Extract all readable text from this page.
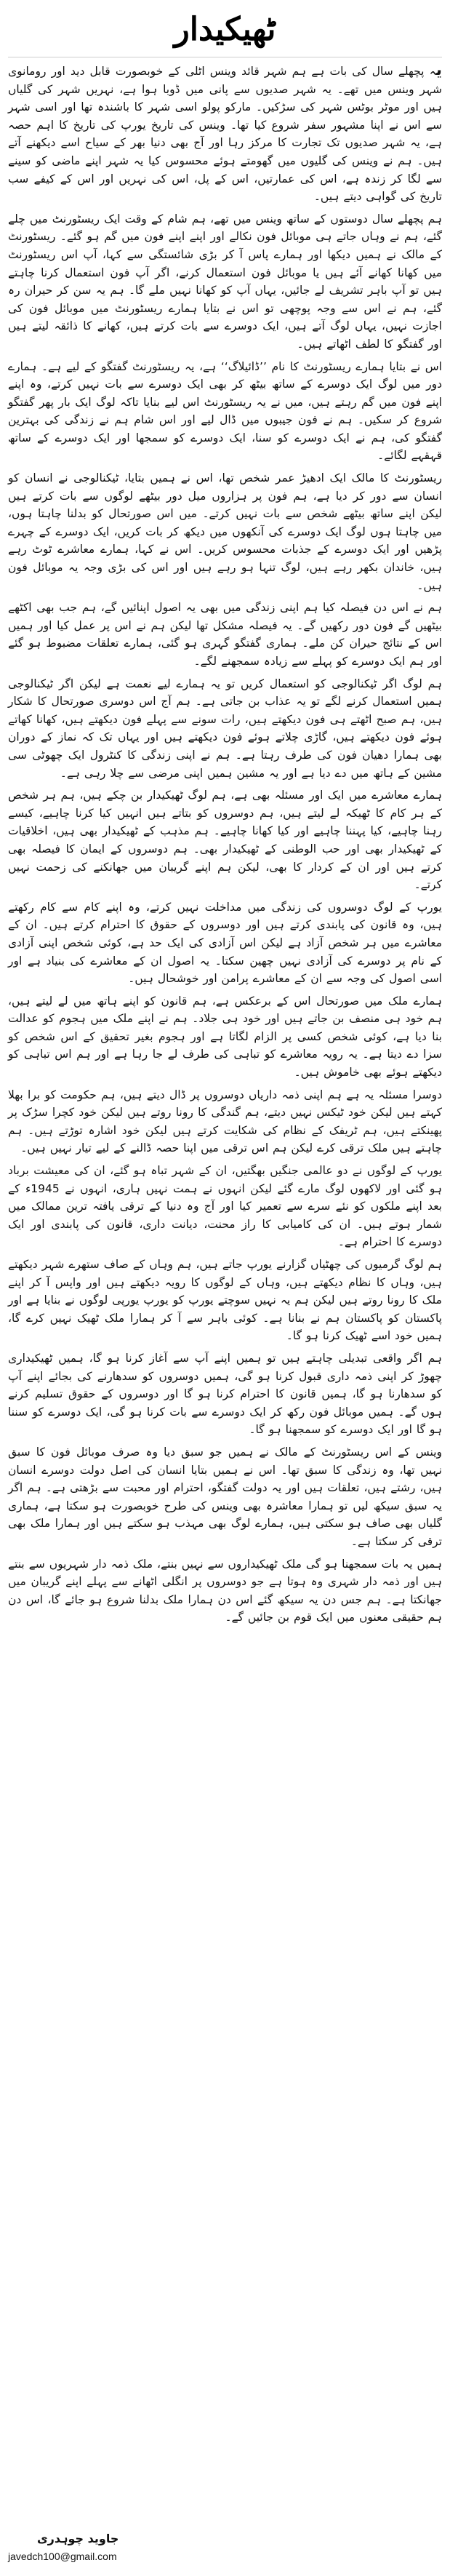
ٹھیکیدار

یہ پچھلے سال کی بات ہے ہم شہر قائد وینس اٹلی کے خوبصورت قابل دید اور رومانوی شہر وینس میں تھے۔ یہ شہر صدیوں سے پانی میں ڈوبا ہوا ہے، نہریں شہر کی گلیاں ہیں اور موٹر بوٹس شہر کی سڑکیں۔ مارکو پولو اسی شہر کا باشندہ تھا اور اسی شہر سے اس نے اپنا مشہور سفر شروع کیا تھا۔ وینس کی تاریخ یورپ کی تاریخ کا اہم حصہ ہے، یہ شہر صدیوں تک تجارت کا مرکز رہا اور آج بھی دنیا بھر کے سیاح اسے دیکھنے آتے ہیں۔ ہم نے وینس کی گلیوں میں گھومتے ہوئے محسوس کیا یہ شہر اپنے ماضی کو سینے سے لگا کر زندہ ہے، اس کی عمارتیں، اس کے پل، اس کی نہریں اور اس کے کیفے سب تاریخ کی گواہی دیتے ہیں۔

ہم پچھلے سال دوستوں کے ساتھ وینس میں تھے، ہم شام کے وقت ایک ریسٹورنٹ میں چلے گئے، ہم نے وہاں جاتے ہی موبائل فون نکالے اور اپنے اپنے فون میں گم ہو گئے۔ ریسٹورنٹ کے مالک نے ہمیں دیکھا اور ہمارے پاس آ کر بڑی شائستگی سے کہا، آپ اس ریسٹورنٹ میں کھانا کھانے آئے ہیں یا موبائل فون استعمال کرنے، اگر آپ فون استعمال کرنا چاہتے ہیں تو آپ باہر تشریف لے جائیں، یہاں آپ کو کھانا نہیں ملے گا۔ ہم یہ سن کر حیران رہ گئے، ہم نے اس سے وجہ پوچھی تو اس نے بتایا ہمارے ریسٹورنٹ میں موبائل فون کی اجازت نہیں، یہاں لوگ آتے ہیں، ایک دوسرے سے بات کرتے ہیں، کھانے کا ذائقہ لیتے ہیں اور گفتگو کا لطف اٹھاتے ہیں۔

اس نے بتایا ہمارے ریسٹورنٹ کا نام ’’ڈائیلاگ‘‘ ہے، یہ ریسٹورنٹ گفتگو کے لیے ہے۔ ہمارے دور میں لوگ ایک دوسرے کے ساتھ بیٹھ کر بھی ایک دوسرے سے بات نہیں کرتے، وہ اپنے اپنے فون میں گم رہتے ہیں، میں نے یہ ریسٹورنٹ اس لیے بنایا تاکہ لوگ ایک بار پھر گفتگو شروع کر سکیں۔ ہم نے فون جیبوں میں ڈال لیے اور اس شام ہم نے زندگی کی بہترین گفتگو کی، ہم نے ایک دوسرے کو سنا، ایک دوسرے کو سمجھا اور ایک دوسرے کے ساتھ قہقہے لگائے۔

ریسٹورنٹ کا مالک ایک ادھیڑ عمر شخص تھا، اس نے ہمیں بتایا، ٹیکنالوجی نے انسان کو انسان سے دور کر دیا ہے، ہم فون پر ہزاروں میل دور بیٹھے لوگوں سے بات کرتے ہیں لیکن اپنے ساتھ بیٹھے شخص سے بات نہیں کرتے۔ میں اس صورتحال کو بدلنا چاہتا ہوں، میں چاہتا ہوں لوگ ایک دوسرے کی آنکھوں میں دیکھ کر بات کریں، ایک دوسرے کے چہرے پڑھیں اور ایک دوسرے کے جذبات محسوس کریں۔ اس نے کہا، ہمارے معاشرے ٹوٹ رہے ہیں، خاندان بکھر رہے ہیں، لوگ تنہا ہو رہے ہیں اور اس کی بڑی وجہ یہ موبائل فون ہیں۔

ہم نے اس دن فیصلہ کیا ہم اپنی زندگی میں بھی یہ اصول اپنائیں گے، ہم جب بھی اکٹھے بیٹھیں گے فون دور رکھیں گے۔ یہ فیصلہ مشکل تھا لیکن ہم نے اس پر عمل کیا اور ہمیں اس کے نتائج حیران کن ملے۔ ہماری گفتگو گہری ہو گئی، ہمارے تعلقات مضبوط ہو گئے اور ہم ایک دوسرے کو پہلے سے زیادہ سمجھنے لگے۔

ہم لوگ اگر ٹیکنالوجی کو استعمال کریں تو یہ ہمارے لیے نعمت ہے لیکن اگر ٹیکنالوجی ہمیں استعمال کرنے لگے تو یہ عذاب بن جاتی ہے۔ ہم آج اس دوسری صورتحال کا شکار ہیں، ہم صبح اٹھتے ہی فون دیکھتے ہیں، رات سونے سے پہلے فون دیکھتے ہیں، کھانا کھاتے ہوئے فون دیکھتے ہیں، گاڑی چلاتے ہوئے فون دیکھتے ہیں اور یہاں تک کہ نماز کے دوران بھی ہمارا دھیان فون کی طرف رہتا ہے۔ ہم نے اپنی زندگی کا کنٹرول ایک چھوٹی سی مشین کے ہاتھ میں دے دیا ہے اور یہ مشین ہمیں اپنی مرضی سے چلا رہی ہے۔

ہمارے معاشرے میں ایک اور مسئلہ بھی ہے، ہم لوگ ٹھیکیدار بن چکے ہیں، ہم ہر شخص کے ہر کام کا ٹھیکہ لے لیتے ہیں، ہم دوسروں کو بتاتے ہیں انہیں کیا کرنا چاہیے، کیسے رہنا چاہیے، کیا پہننا چاہیے اور کیا کھانا چاہیے۔ ہم مذہب کے ٹھیکیدار بھی ہیں، اخلاقیات کے ٹھیکیدار بھی اور حب الوطنی کے ٹھیکیدار بھی۔ ہم دوسروں کے ایمان کا فیصلہ بھی کرتے ہیں اور ان کے کردار کا بھی، لیکن ہم اپنے گریبان میں جھانکنے کی زحمت نہیں کرتے۔

یورپ کے لوگ دوسروں کی زندگی میں مداخلت نہیں کرتے، وہ اپنے کام سے کام رکھتے ہیں، وہ قانون کی پابندی کرتے ہیں اور دوسروں کے حقوق کا احترام کرتے ہیں۔ ان کے معاشرے میں ہر شخص آزاد ہے لیکن اس آزادی کی ایک حد ہے، کوئی شخص اپنی آزادی کے نام پر دوسرے کی آزادی نہیں چھین سکتا۔ یہ اصول ان کے معاشرے کی بنیاد ہے اور اسی اصول کی وجہ سے ان کے معاشرے پرامن اور خوشحال ہیں۔

ہمارے ملک میں صورتحال اس کے برعکس ہے، ہم قانون کو اپنے ہاتھ میں لے لیتے ہیں، ہم خود ہی منصف بن جاتے ہیں اور خود ہی جلاد۔ ہم نے اپنے ملک میں ہجوم کو عدالت بنا دیا ہے، کوئی شخص کسی پر الزام لگاتا ہے اور ہجوم بغیر تحقیق کے اس شخص کو سزا دے دیتا ہے۔ یہ رویہ معاشرے کو تباہی کی طرف لے جا رہا ہے اور ہم اس تباہی کو دیکھتے ہوئے بھی خاموش ہیں۔

دوسرا مسئلہ یہ ہے ہم اپنی ذمہ داریاں دوسروں پر ڈال دیتے ہیں، ہم حکومت کو برا بھلا کہتے ہیں لیکن خود ٹیکس نہیں دیتے، ہم گندگی کا رونا روتے ہیں لیکن خود کچرا سڑک پر پھینکتے ہیں، ہم ٹریفک کے نظام کی شکایت کرتے ہیں لیکن خود اشارہ توڑتے ہیں۔ ہم چاہتے ہیں ملک ترقی کرے لیکن ہم اس ترقی میں اپنا حصہ ڈالنے کے لیے تیار نہیں ہیں۔

یورپ کے لوگوں نے دو عالمی جنگیں بھگتیں، ان کے شہر تباہ ہو گئے، ان کی معیشت برباد ہو گئی اور لاکھوں لوگ مارے گئے لیکن انہوں نے ہمت نہیں ہاری، انہوں نے 1945ء کے بعد اپنے ملکوں کو نئے سرے سے تعمیر کیا اور آج وہ دنیا کے ترقی یافتہ ترین ممالک میں شمار ہوتے ہیں۔ ان کی کامیابی کا راز محنت، دیانت داری، قانون کی پابندی اور ایک دوسرے کا احترام ہے۔

ہم لوگ گرمیوں کی چھٹیاں گزارنے یورپ جاتے ہیں، ہم وہاں کے صاف ستھرے شہر دیکھتے ہیں، وہاں کا نظام دیکھتے ہیں، وہاں کے لوگوں کا رویہ دیکھتے ہیں اور واپس آ کر اپنے ملک کا رونا روتے ہیں لیکن ہم یہ نہیں سوچتے یورپ کو یورپ یورپی لوگوں نے بنایا ہے اور پاکستان کو پاکستان ہم نے بنانا ہے۔ کوئی باہر سے آ کر ہمارا ملک ٹھیک نہیں کرے گا، ہمیں خود اسے ٹھیک کرنا ہو گا۔

ہم اگر واقعی تبدیلی چاہتے ہیں تو ہمیں اپنے آپ سے آغاز کرنا ہو گا، ہمیں ٹھیکیداری چھوڑ کر اپنی ذمہ داری قبول کرنا ہو گی، ہمیں دوسروں کو سدھارنے کی بجائے اپنے آپ کو سدھارنا ہو گا، ہمیں قانون کا احترام کرنا ہو گا اور دوسروں کے حقوق تسلیم کرنے ہوں گے۔ ہمیں موبائل فون رکھ کر ایک دوسرے سے بات کرنا ہو گی، ایک دوسرے کو سننا ہو گا اور ایک دوسرے کو سمجھنا ہو گا۔

وینس کے اس ریسٹورنٹ کے مالک نے ہمیں جو سبق دیا وہ صرف موبائل فون کا سبق نہیں تھا، وہ زندگی کا سبق تھا۔ اس نے ہمیں بتایا انسان کی اصل دولت دوسرے انسان ہیں، رشتے ہیں، تعلقات ہیں اور یہ دولت گفتگو، احترام اور محبت سے بڑھتی ہے۔ ہم اگر یہ سبق سیکھ لیں تو ہمارا معاشرہ بھی وینس کی طرح خوبصورت ہو سکتا ہے، ہماری گلیاں بھی صاف ہو سکتی ہیں، ہمارے لوگ بھی مہذب ہو سکتے ہیں اور ہمارا ملک بھی ترقی کر سکتا ہے۔

ہمیں یہ بات سمجھنا ہو گی ملک ٹھیکیداروں سے نہیں بنتے، ملک ذمہ دار شہریوں سے بنتے ہیں اور ذمہ دار شہری وہ ہوتا ہے جو دوسروں پر انگلی اٹھانے سے پہلے اپنے گریبان میں جھانکتا ہے۔ ہم جس دن یہ سیکھ گئے اس دن ہمارا ملک بدلنا شروع ہو جائے گا، اس دن ہم حقیقی معنوں میں ایک قوم بن جائیں گے۔

جاوید چوہدری

javedch100@gmail.com
